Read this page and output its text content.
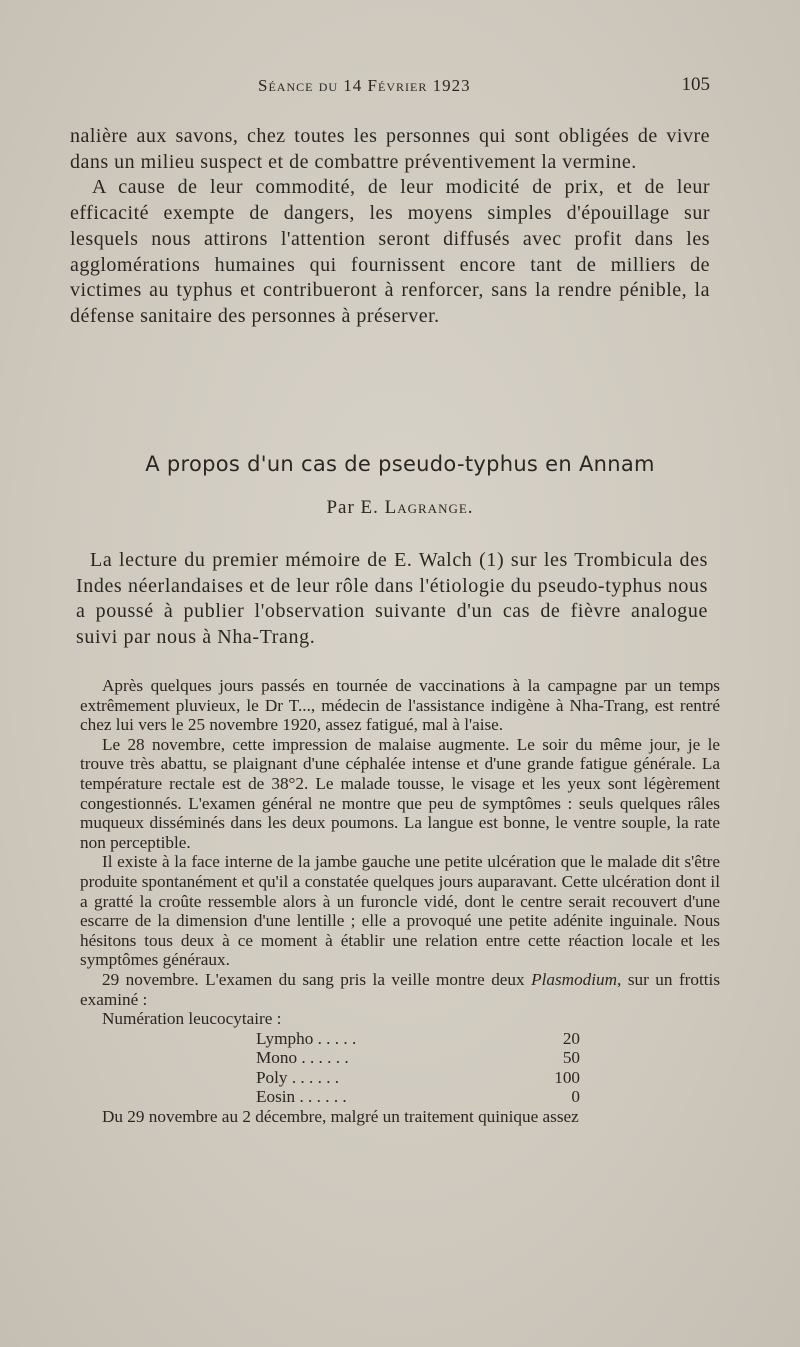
Séance du 14 Février 1923	105

nalière aux savons, chez toutes les personnes qui sont obligées de vivre dans un milieu suspect et de combattre préventivement la vermine.

A cause de leur commodité, de leur modicité de prix, et de leur efficacité exempte de dangers, les moyens simples d'épouillage sur lesquels nous attirons l'attention seront diffusés avec profit dans les agglomérations humaines qui fournissent encore tant de milliers de victimes au typhus et contribueront à renforcer, sans la rendre pénible, la défense sanitaire des personnes à préserver.

A propos d'un cas de pseudo-typhus en Annam
Par E. Lagrange.

La lecture du premier mémoire de E. Walch (1) sur les Trombicula des Indes néerlandaises et de leur rôle dans l'étiologie du pseudo-typhus nous a poussé à publier l'observation suivante d'un cas de fièvre analogue suivi par nous à Nha-Trang.

Après quelques jours passés en tournée de vaccinations à la campagne par un temps extrêmement pluvieux, le Dr T..., médecin de l'assistance indigène à Nha-Trang, est rentré chez lui vers le 25 novembre 1920, assez fatigué, mal à l'aise.

Le 28 novembre, cette impression de malaise augmente. Le soir du même jour, je le trouve très abattu, se plaignant d'une céphalée intense et d'une grande fatigue générale. La température rectale est de 38°2. Le malade tousse, le visage et les yeux sont légèrement congestionnés. L'examen général ne montre que peu de symptômes : seuls quelques râles muqueux disséminés dans les deux poumons. La langue est bonne, le ventre souple, la rate non perceptible.

Il existe à la face interne de la jambe gauche une petite ulcération que le malade dit s'être produite spontanément et qu'il a constatée quelques jours auparavant. Cette ulcération dont il a gratté la croûte ressemble alors à un furoncle vidé, dont le centre serait recouvert d'une escarre de la dimension d'une lentille ; elle a provoqué une petite adénite inguinale. Nous hésitons tous deux à ce moment à établir une relation entre cette réaction locale et les symptômes généraux.

29 novembre. L'examen du sang pris la veille montre deux Plasmodium, sur un frottis examiné :

Numération leucocytaire :

Lympho . . . . .	20
Mono . . . . . .	50
Poly . . . . . .	100
Eosin . . . . . .	0

Du 29 novembre au 2 décembre, malgré un traitement quinique assez
